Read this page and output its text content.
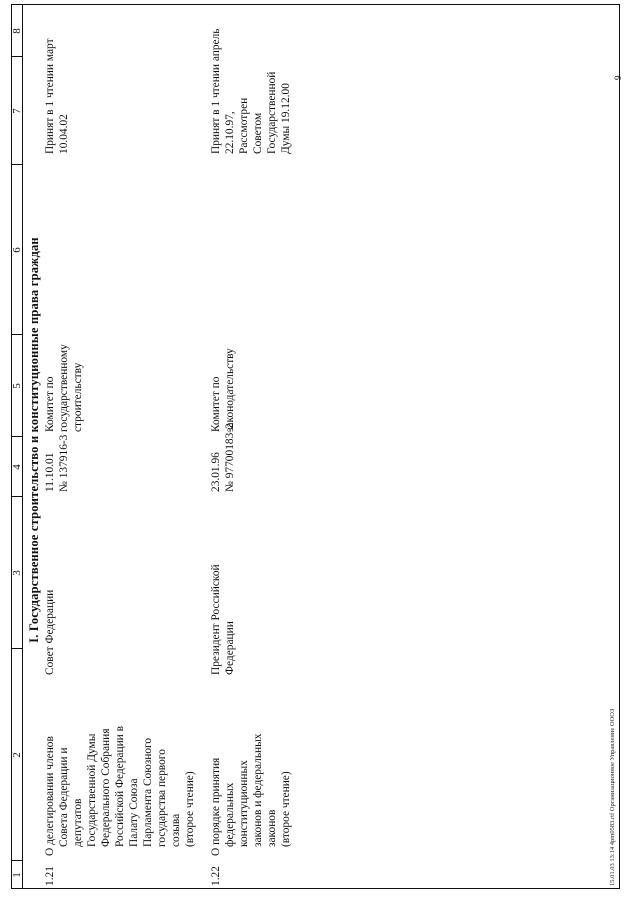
1
2
3
4
5
6
7
8
I. Государственное строительство и конституционные права граждан
1.21
О делегировании членов Совета Федерации и депутатов Государственной Думы Федерального Собрания Российской Федерации в Палату Союза Парламента Союзного государства первого созыва (второе чтение)
Совет Федерации
11.10.01 № 137916-3
Комитет по государственному строительству
Принят в 1 чтении март 10.04.02
1.22
О порядке принятия федеральных конституционных законов и федеральных законов (второе чтение)
Президент Российской Федерации
23.01.96 № 97700183-2
Комитет по законодательству
Принят в 1 чтении апрель 22.10.97, Рассмотрен Советом Государственной Думы 19.12.00
15.01.03 13:14 4pm0583.rtf Организационное Управление ОООЗ
9
